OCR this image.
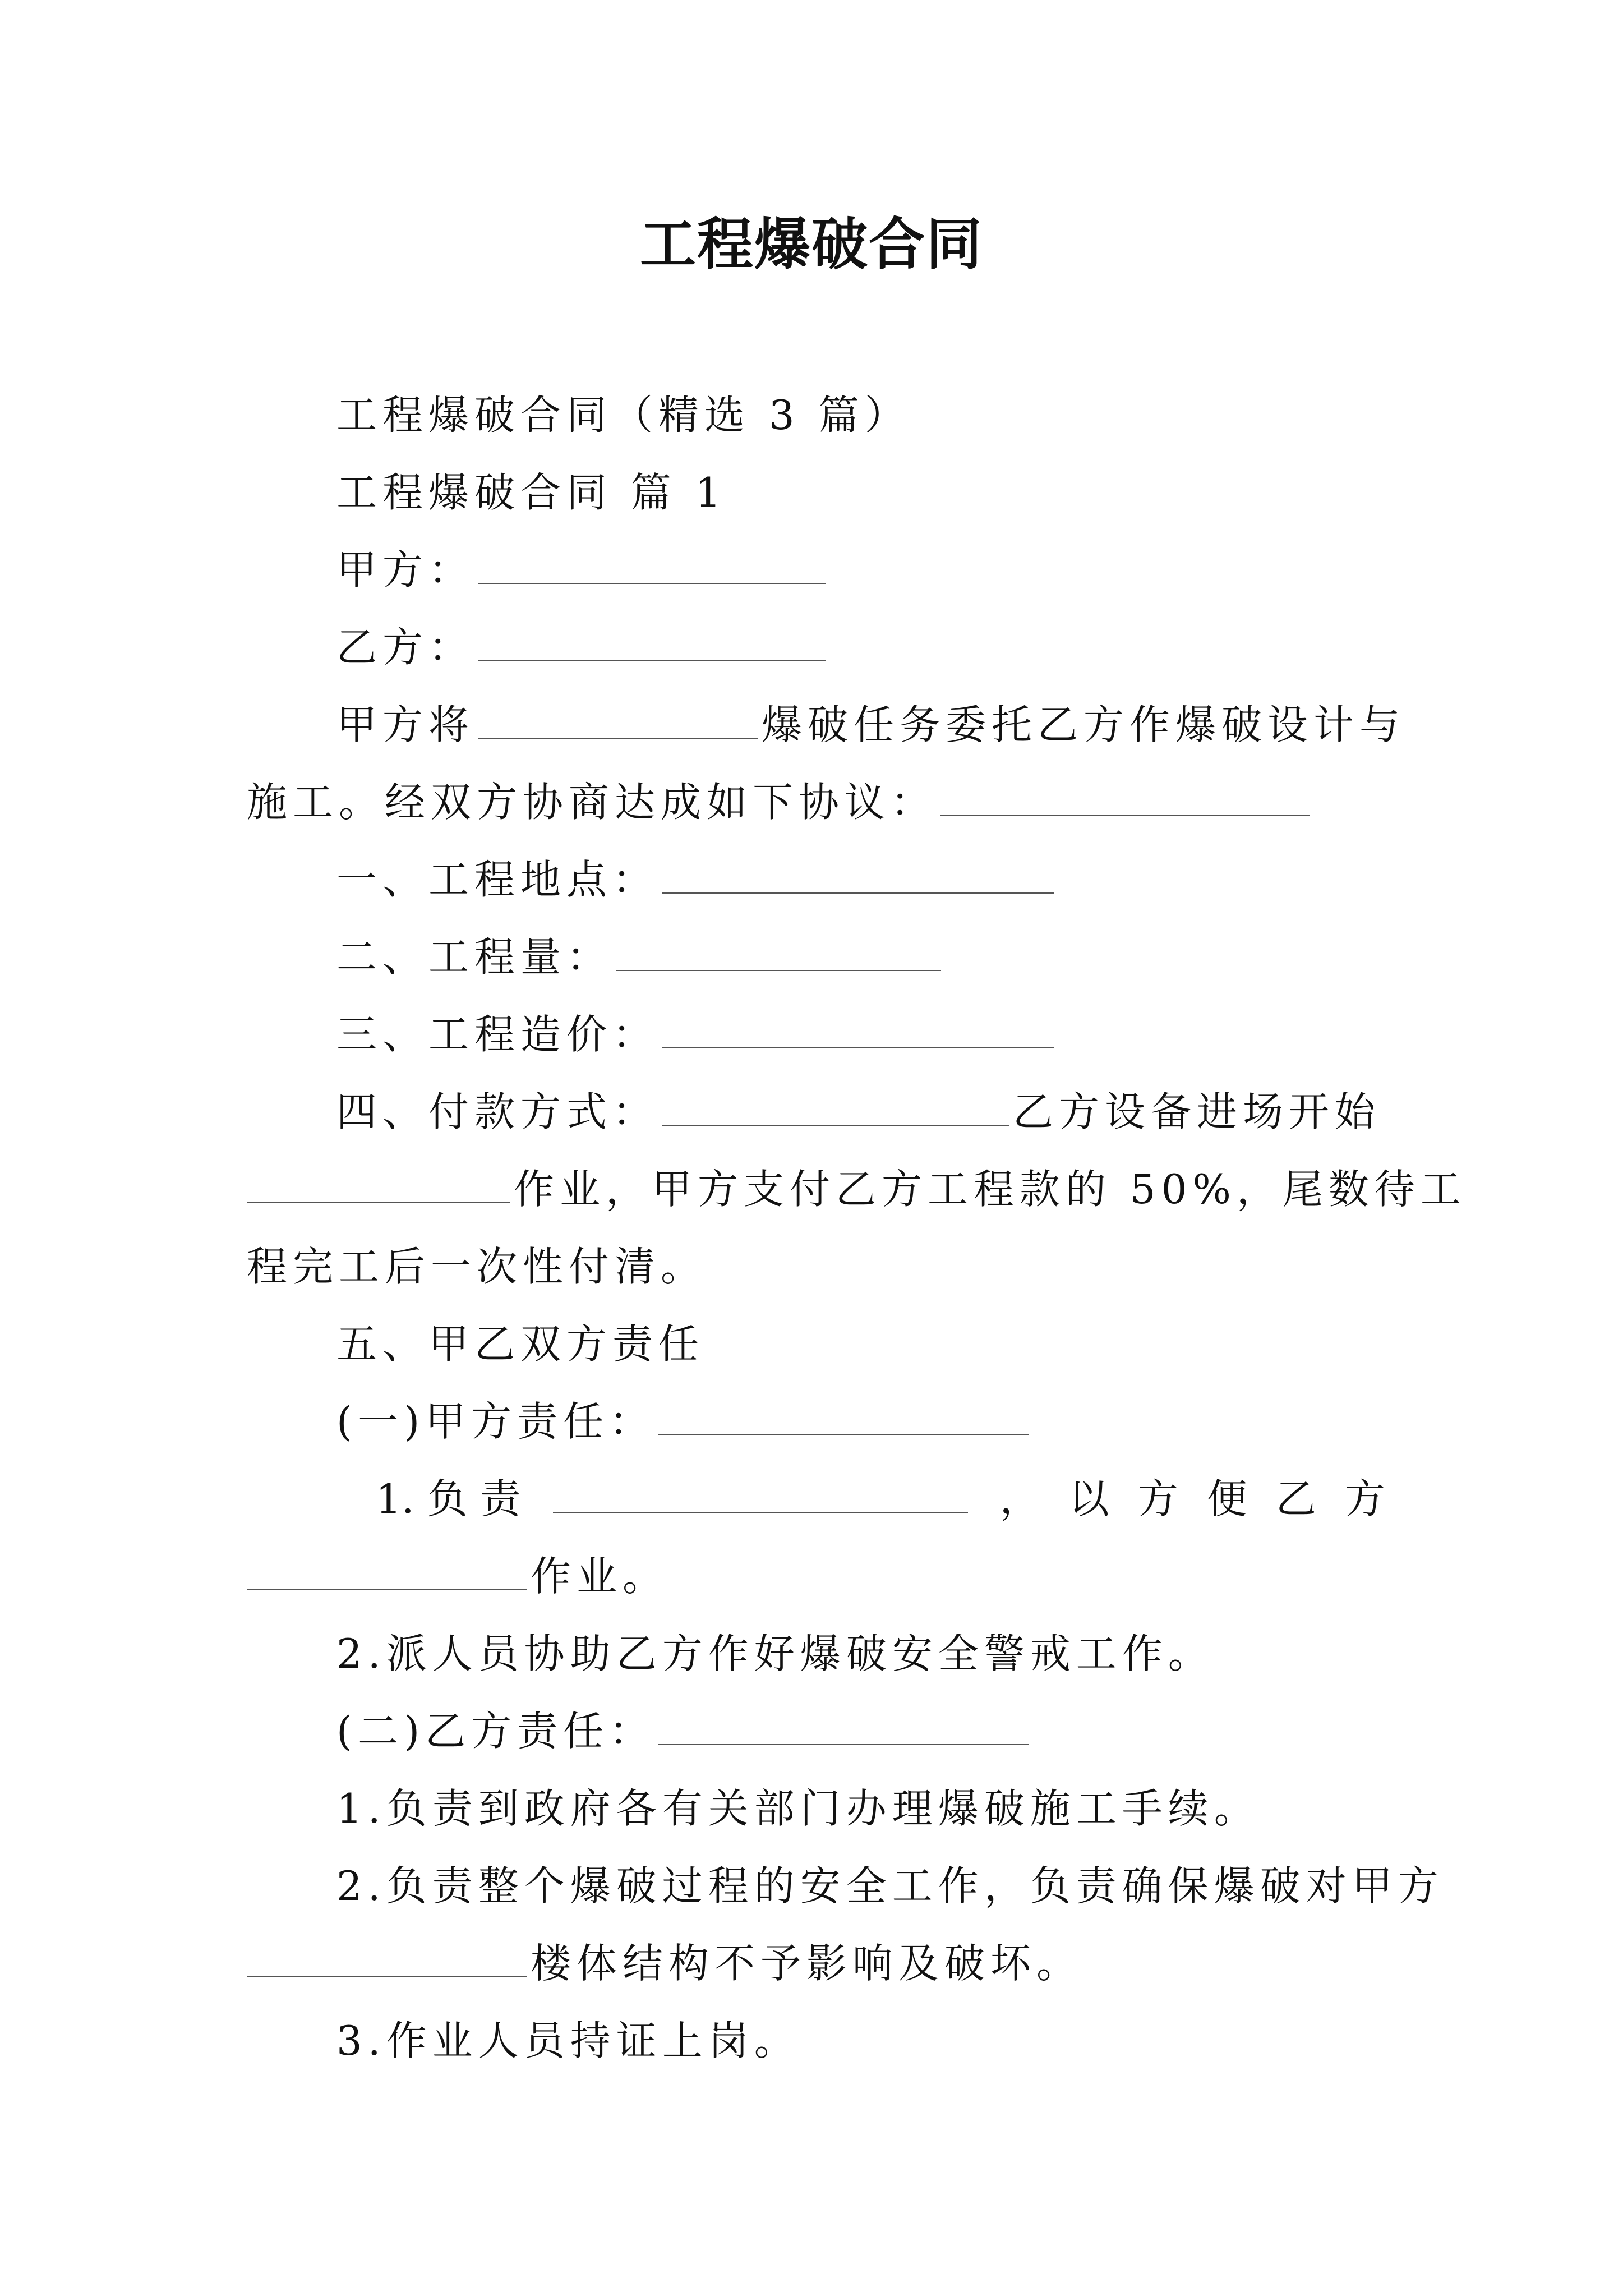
工程爆破合同
工程爆破合同（精选 3 篇）
工程爆破合同 篇 1
甲方：
乙方：
甲方将	爆破任务委托乙方作爆破设计与
施工。经双方协商达成如下协议：
一、工程地点：
二、工程量：
三、工程造价：
四、付款方式：	乙方设备进场开始
作业，甲方支付乙方工程款的 50%，尾数待工
程完工后一次性付清。
五、甲乙双方责任
(一)甲方责任：
1. 负 责	， 以 方 便 乙 方
作业。
2.派人员协助乙方作好爆破安全警戒工作。
(二)乙方责任：
1.负责到政府各有关部门办理爆破施工手续。
2.负责整个爆破过程的安全工作，负责确保爆破对甲方
楼体结构不予影响及破坏。
3.作业人员持证上岗。
